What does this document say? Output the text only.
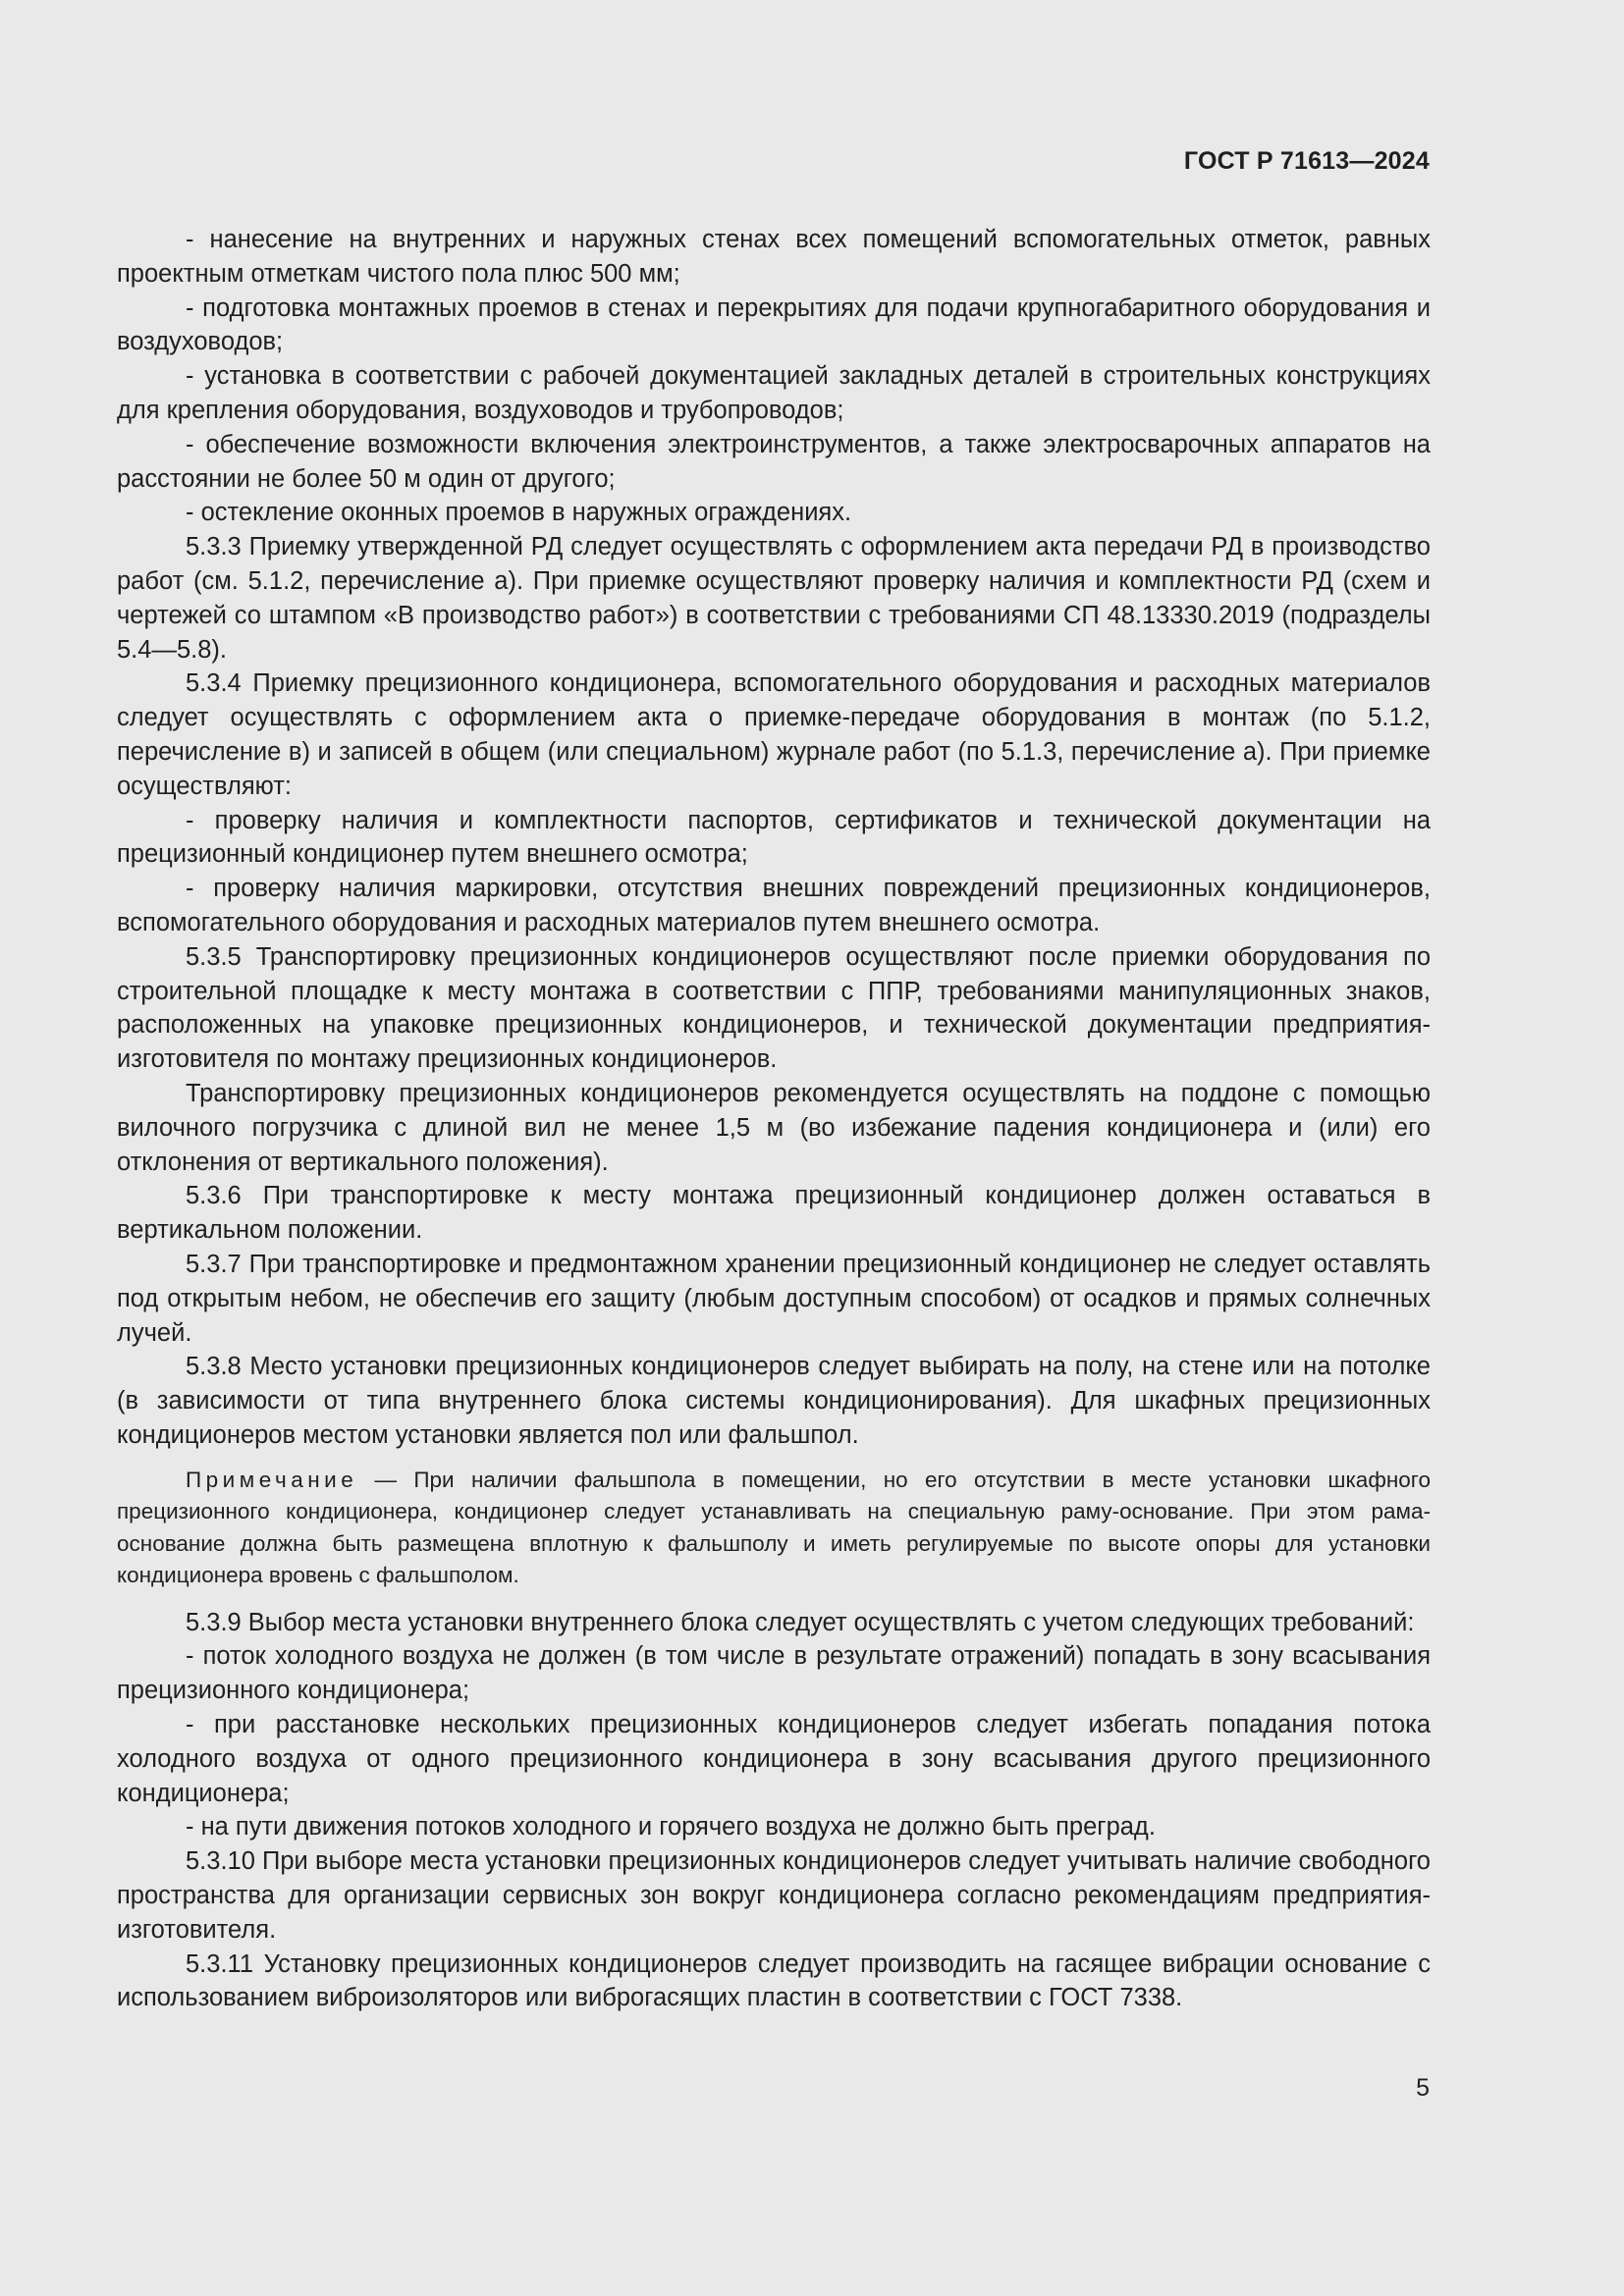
ГОСТ Р 71613—2024

- нанесение на внутренних и наружных стенах всех помещений вспомогательных отметок, равных проектным отметкам чистого пола плюс 500 мм;

- подготовка монтажных проемов в стенах и перекрытиях для подачи крупногабаритного оборудования и воздуховодов;

- установка в соответствии с рабочей документацией закладных деталей в строительных конструкциях для крепления оборудования, воздуховодов и трубопроводов;

- обеспечение возможности включения электроинструментов, а также электросварочных аппаратов на расстоянии не более 50 м один от другого;

- остекление оконных проемов в наружных ограждениях.

5.3.3 Приемку утвержденной РД следует осуществлять с оформлением акта передачи РД в производство работ (см. 5.1.2, перечисление а). При приемке осуществляют проверку наличия и комплектности РД (схем и чертежей со штампом «В производство работ») в соответствии с требованиями СП 48.13330.2019 (подразделы 5.4—5.8).

5.3.4 Приемку прецизионного кондиционера, вспомогательного оборудования и расходных материалов следует осуществлять с оформлением акта о приемке-передаче оборудования в монтаж (по 5.1.2, перечисление в) и записей в общем (или специальном) журнале работ (по 5.1.3, перечисление а). При приемке осуществляют:

- проверку наличия и комплектности паспортов, сертификатов и технической документации на прецизионный кондиционер путем внешнего осмотра;

- проверку наличия маркировки, отсутствия внешних повреждений прецизионных кондиционеров, вспомогательного оборудования и расходных материалов путем внешнего осмотра.

5.3.5 Транспортировку прецизионных кондиционеров осуществляют после приемки оборудования по строительной площадке к месту монтажа в соответствии с ППР, требованиями манипуляционных знаков, расположенных на упаковке прецизионных кондиционеров, и технической документации предприятия-изготовителя по монтажу прецизионных кондиционеров.

Транспортировку прецизионных кондиционеров рекомендуется осуществлять на поддоне с помощью вилочного погрузчика с длиной вил не менее 1,5 м (во избежание падения кондиционера и (или) его отклонения от вертикального положения).

5.3.6 При транспортировке к месту монтажа прецизионный кондиционер должен оставаться в вертикальном положении.

5.3.7 При транспортировке и предмонтажном хранении прецизионный кондиционер не следует оставлять под открытым небом, не обеспечив его защиту (любым доступным способом) от осадков и прямых солнечных лучей.

5.3.8 Место установки прецизионных кондиционеров следует выбирать на полу, на стене или на потолке (в зависимости от типа внутреннего блока системы кондиционирования). Для шкафных прецизионных кондиционеров местом установки является пол или фальшпол.

Примечание — При наличии фальшпола в помещении, но его отсутствии в месте установки шкафного прецизионного кондиционера, кондиционер следует устанавливать на специальную раму-основание. При этом рама-основание должна быть размещена вплотную к фальшполу и иметь регулируемые по высоте опоры для установки кондиционера вровень с фальшполом.

5.3.9 Выбор места установки внутреннего блока следует осуществлять с учетом следующих требований:

- поток холодного воздуха не должен (в том числе в результате отражений) попадать в зону всасывания прецизионного кондиционера;

- при расстановке нескольких прецизионных кондиционеров следует избегать попадания потока холодного воздуха от одного прецизионного кондиционера в зону всасывания другого прецизионного кондиционера;

- на пути движения потоков холодного и горячего воздуха не должно быть преград.

5.3.10 При выборе места установки прецизионных кондиционеров следует учитывать наличие свободного пространства для организации сервисных зон вокруг кондиционера согласно рекомендациям предприятия-изготовителя.

5.3.11 Установку прецизионных кондиционеров следует производить на гасящее вибрации основание с использованием виброизоляторов или виброгасящих пластин в соответствии с ГОСТ 7338.

5
